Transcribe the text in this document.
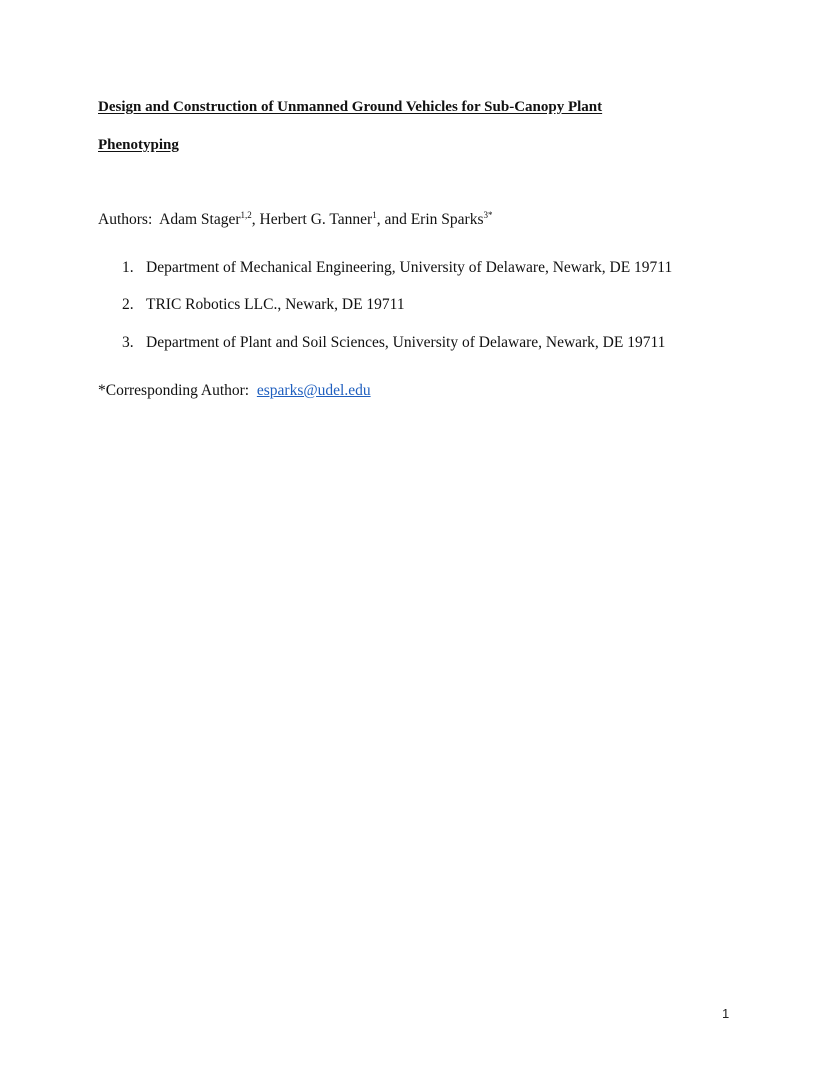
Design and Construction of Unmanned Ground Vehicles for Sub-Canopy Plant
Phenotyping
Authors: Adam Stager$^{1,2}$, Herbert G. Tanner$^1$, and Erin Sparks$^{3*}$
1. Department of Mechanical Engineering, University of Delaware, Newark, DE 19711
2. TRIC Robotics LLC., Newark, DE 19711
3. Department of Plant and Soil Sciences, University of Delaware, Newark, DE 19711
*Corresponding Author: esparks@udel.edu
1
